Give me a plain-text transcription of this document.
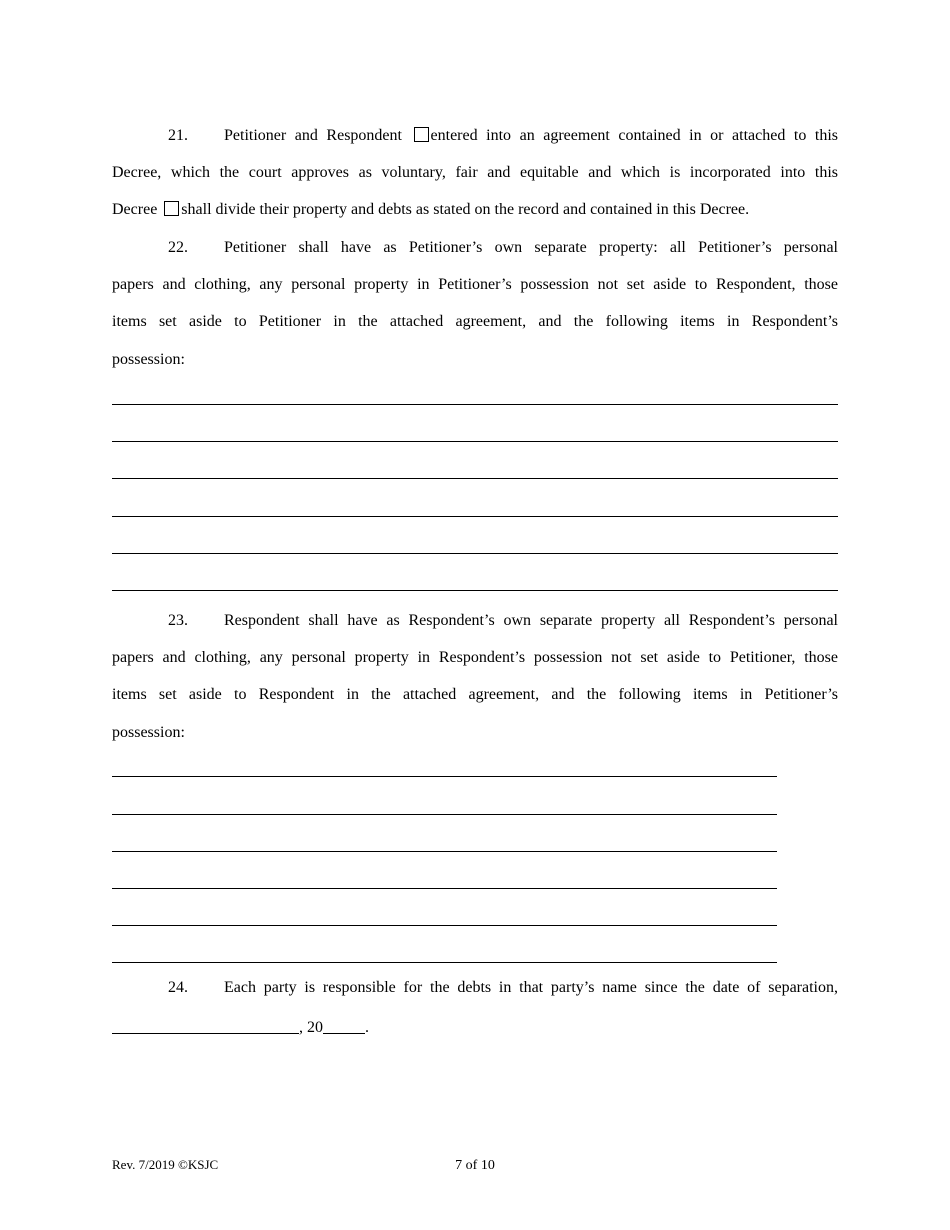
21. Petitioner and Respondent entered into an agreement contained in or attached to this
Decree, which the court approves as voluntary, fair and equitable and which is incorporated into this
Decree shall divide their property and debts as stated on the record and contained in this Decree.
22. Petitioner shall have as Petitioner’s own separate property: all Petitioner’s personal
papers and clothing, any personal property in Petitioner’s possession not set aside to Respondent, those
items set aside to Petitioner in the attached agreement, and the following items in Respondent’s
possession:
23. Respondent shall have as Respondent’s own separate property all Respondent’s personal
papers and clothing, any personal property in Respondent’s possession not set aside to Petitioner, those
items set aside to Respondent in the attached agreement, and the following items in Petitioner’s
possession:
24. Each party is responsible for the debts in that party’s name since the date of separation,
, 20	.
Rev. 7/2019 ©KSJC	7 of 10
